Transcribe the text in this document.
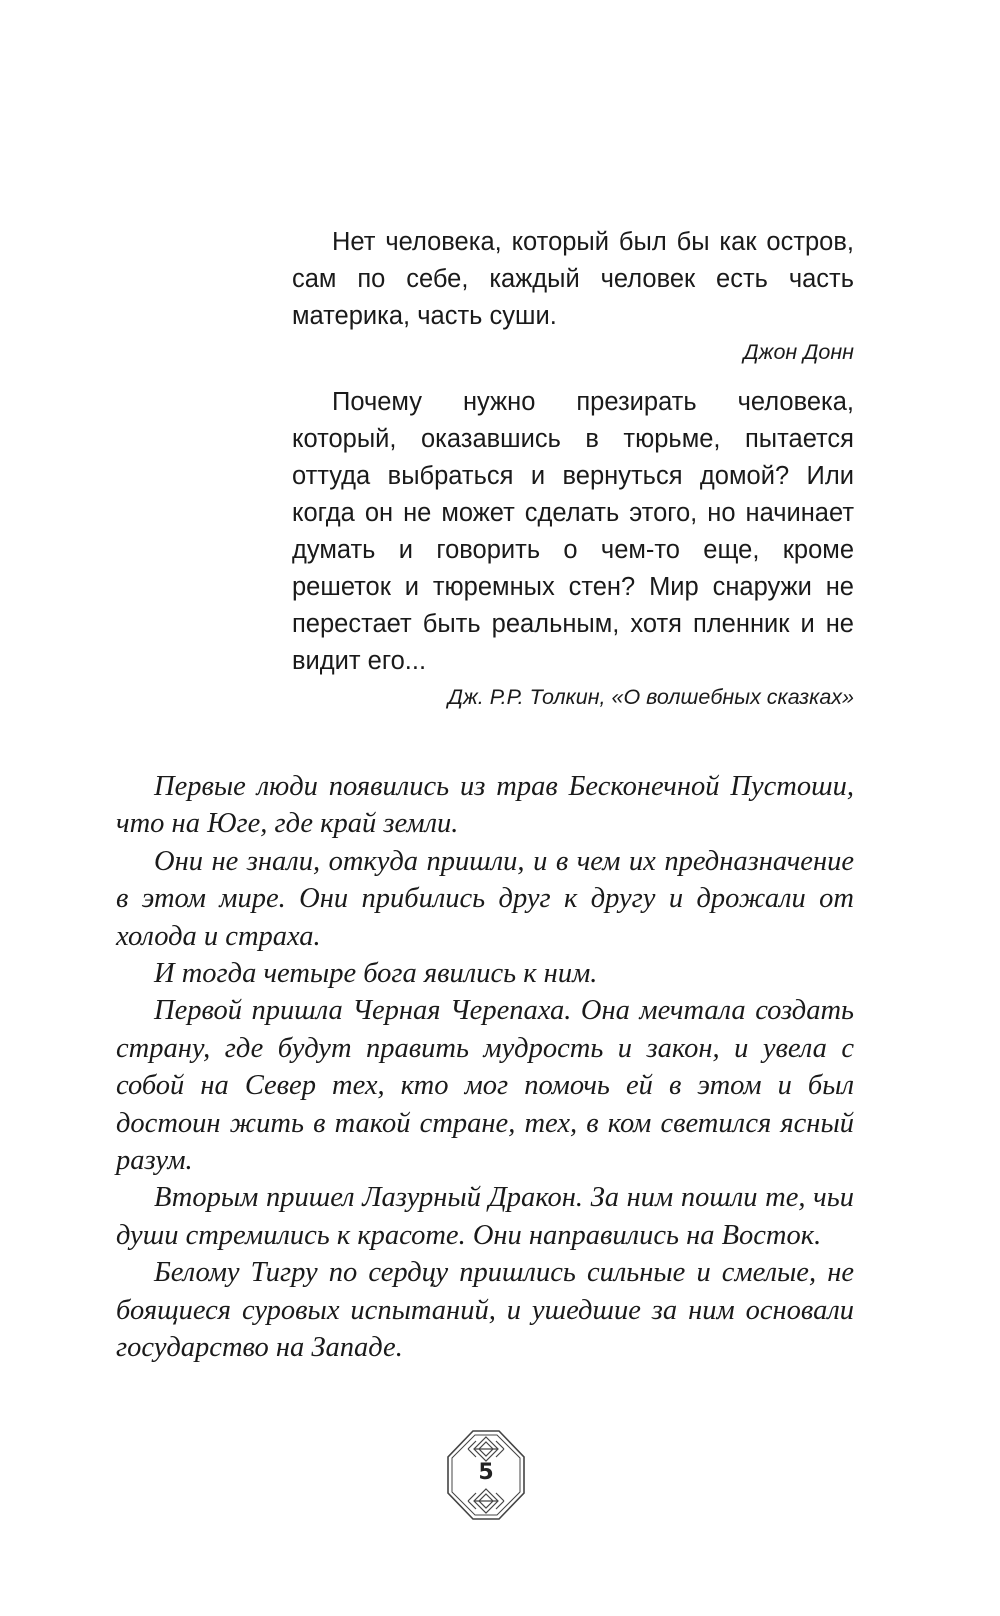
Нет человека, который был бы как остров, сам по себе, каждый человек есть часть материка, часть суши.

Джон Донн

Почему нужно презирать человека, который, оказавшись в тюрьме, пытается оттуда выбраться и вернуться домой? Или когда он не может сделать этого, но начинает думать и говорить о чем-то еще, кроме решеток и тюремных стен? Мир снаружи не перестает быть реальным, хотя пленник и не видит его...

Дж. Р.Р. Толкин, «О волшебных сказках»

Первые люди появились из трав Бесконечной Пустоши, что на Юге, где край земли.

Они не знали, откуда пришли, и в чем их предназначение в этом мире. Они прибились друг к другу и дрожали от холода и страха.

И тогда четыре бога явились к ним.

Первой пришла Черная Черепаха. Она мечтала создать страну, где будут править мудрость и закон, и увела с собой на Север тех, кто мог помочь ей в этом и был достоин жить в такой стране, тех, в ком светился ясный разум.

Вторым пришел Лазурный Дракон. За ним пошли те, чьи души стремились к красоте. Они направились на Восток.

Белому Тигру по сердцу пришлись сильные и смелые, не боящиеся суровых испытаний, и ушедшие за ним основали государство на Западе.

5
